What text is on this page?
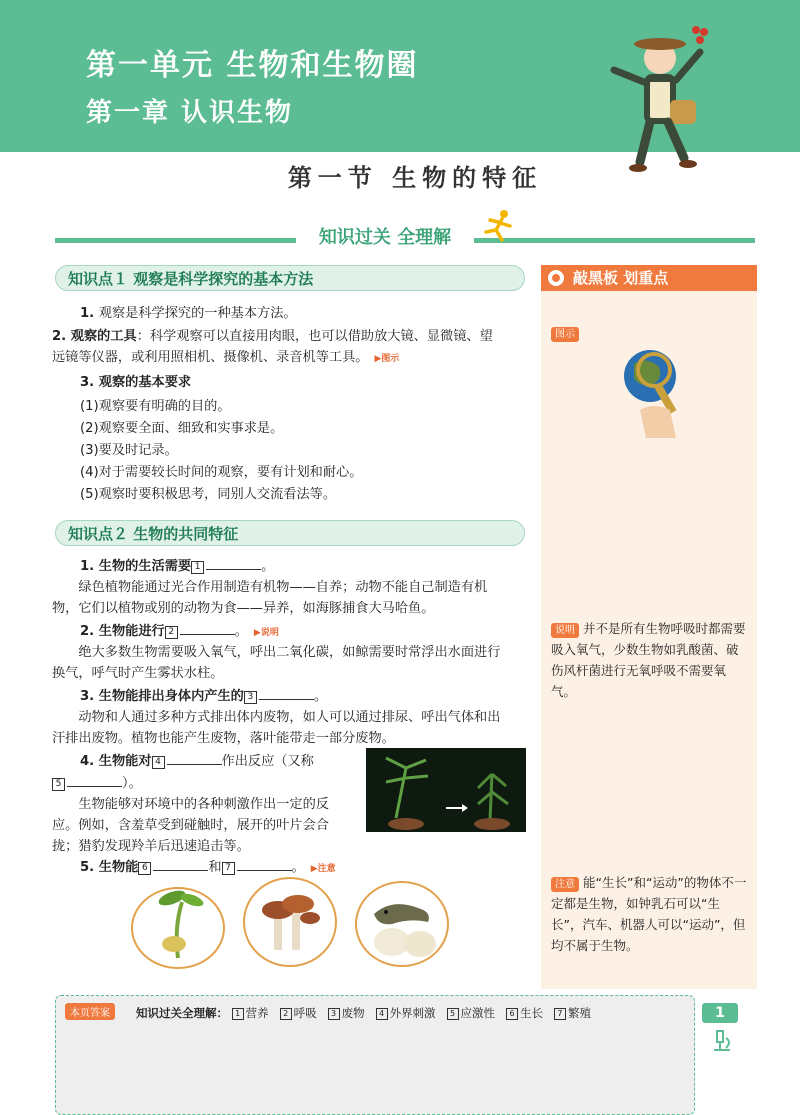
第一单元 生物和生物圈
第一章 认识生物
第一节 生物的特征
知识过关 全理解
知识点１ 观察是科学探究的基本方法
1. 观察是科学探究的一种基本方法。
2. 观察的工具：科学观察可以直接用肉眼，也可以借助放大镜、显微镜、望远镜等仪器，或利用照相机、摄像机、录音机等工具。 ▶图示
3. 观察的基本要求
(1)观察要有明确的目的。
(2)观察要全面、细致和实事求是。
(3)要及时记录。
(4)对于需要较长时间的观察，要有计划和耐心。
(5)观察时要积极思考，同别人交流看法等。
知识点２ 生物的共同特征
1. 生物的生活需要 1	。
绿色植物能通过光合作用制造有机物——自养；动物不能自己制造有机物，它们以植物或别的动物为食——异养，如海豚捕食大马哈鱼。
2. 生物能进行 2	。 ▶说明
绝大多数生物需要吸入氧气，呼出二氧化碳，如鲸需要时常浮出水面进行换气，呼气时产生雾状水柱。
3. 生物能排出身体内产生的 3	。
动物和人通过多种方式排出体内废物，如人可以通过排尿、呼出气体和出汗排出废物。植物也能产生废物，落叶能带走一部分废物。
4. 生物能对 4	作出反应（又称
5	）。
生物能够对环境中的各种刺激作出一定的反应。例如，含羞草受到碰触时，展开的叶片会合拢；猎豹发现羚羊后迅速追击等。
5. 生物能 6	和 7	。 ▶注意
敲黑板 划重点
图示
说明 并不是所有生物呼吸时都需要吸入氧气，少数生物如乳酸菌、破伤风杆菌进行无氧呼吸不需要氧气。
注意 能“生长”和“运动”的物体不一定都是生物，如钟乳石可以“生长”，汽车、机器人可以“运动”，但均不属于生物。
本页答案	知识过关全理解： 1 营养 2 呼吸 3 废物 4 外界刺激 5 应激性 6 生长 7 繁殖	1
